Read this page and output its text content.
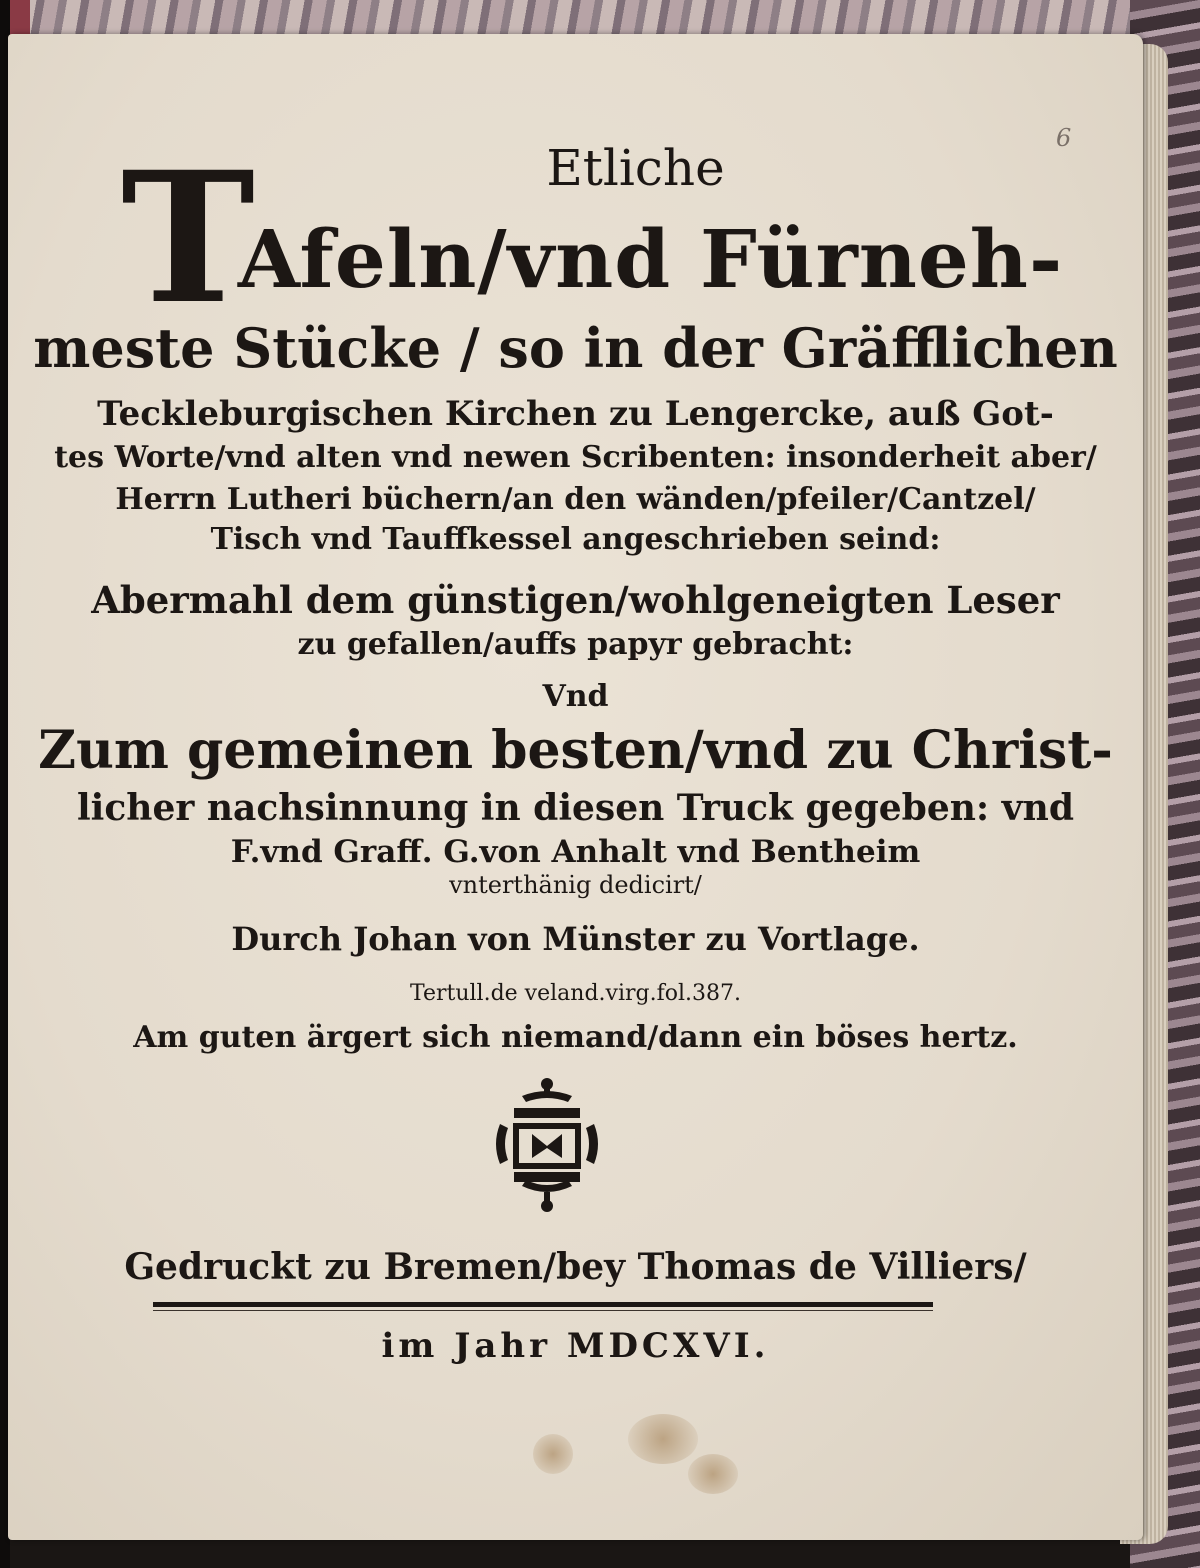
6
Etliche
T
Afeln/vnd Fürneh-
meste Stücke / so in der Gräfflichen
Teckleburgischen Kirchen zu Lengercke, auß Got-
tes Worte/vnd alten vnd newen Scribenten: insonderheit aber/
Herrn Lutheri büchern/an den wänden/pfeiler/Cantzel/
Tisch vnd Tauffkessel angeschrieben seind:
Abermahl dem günstigen/wohlgeneigten Leser
zu gefallen/auffs papyr gebracht:
Vnd
Zum gemeinen besten/vnd zu Christ-
licher nachsinnung in diesen Truck gegeben: vnd
F.vnd Graff. G.von Anhalt vnd Bentheim
vnterthänig dedicirt/
Durch Johan von Münster zu Vortlage.
Tertull.de veland.virg.fol.387.
Am guten ärgert sich niemand/dann ein böses hertz.
Gedruckt zu Bremen/bey Thomas de Villiers/
im Jahr MDCXVI.
